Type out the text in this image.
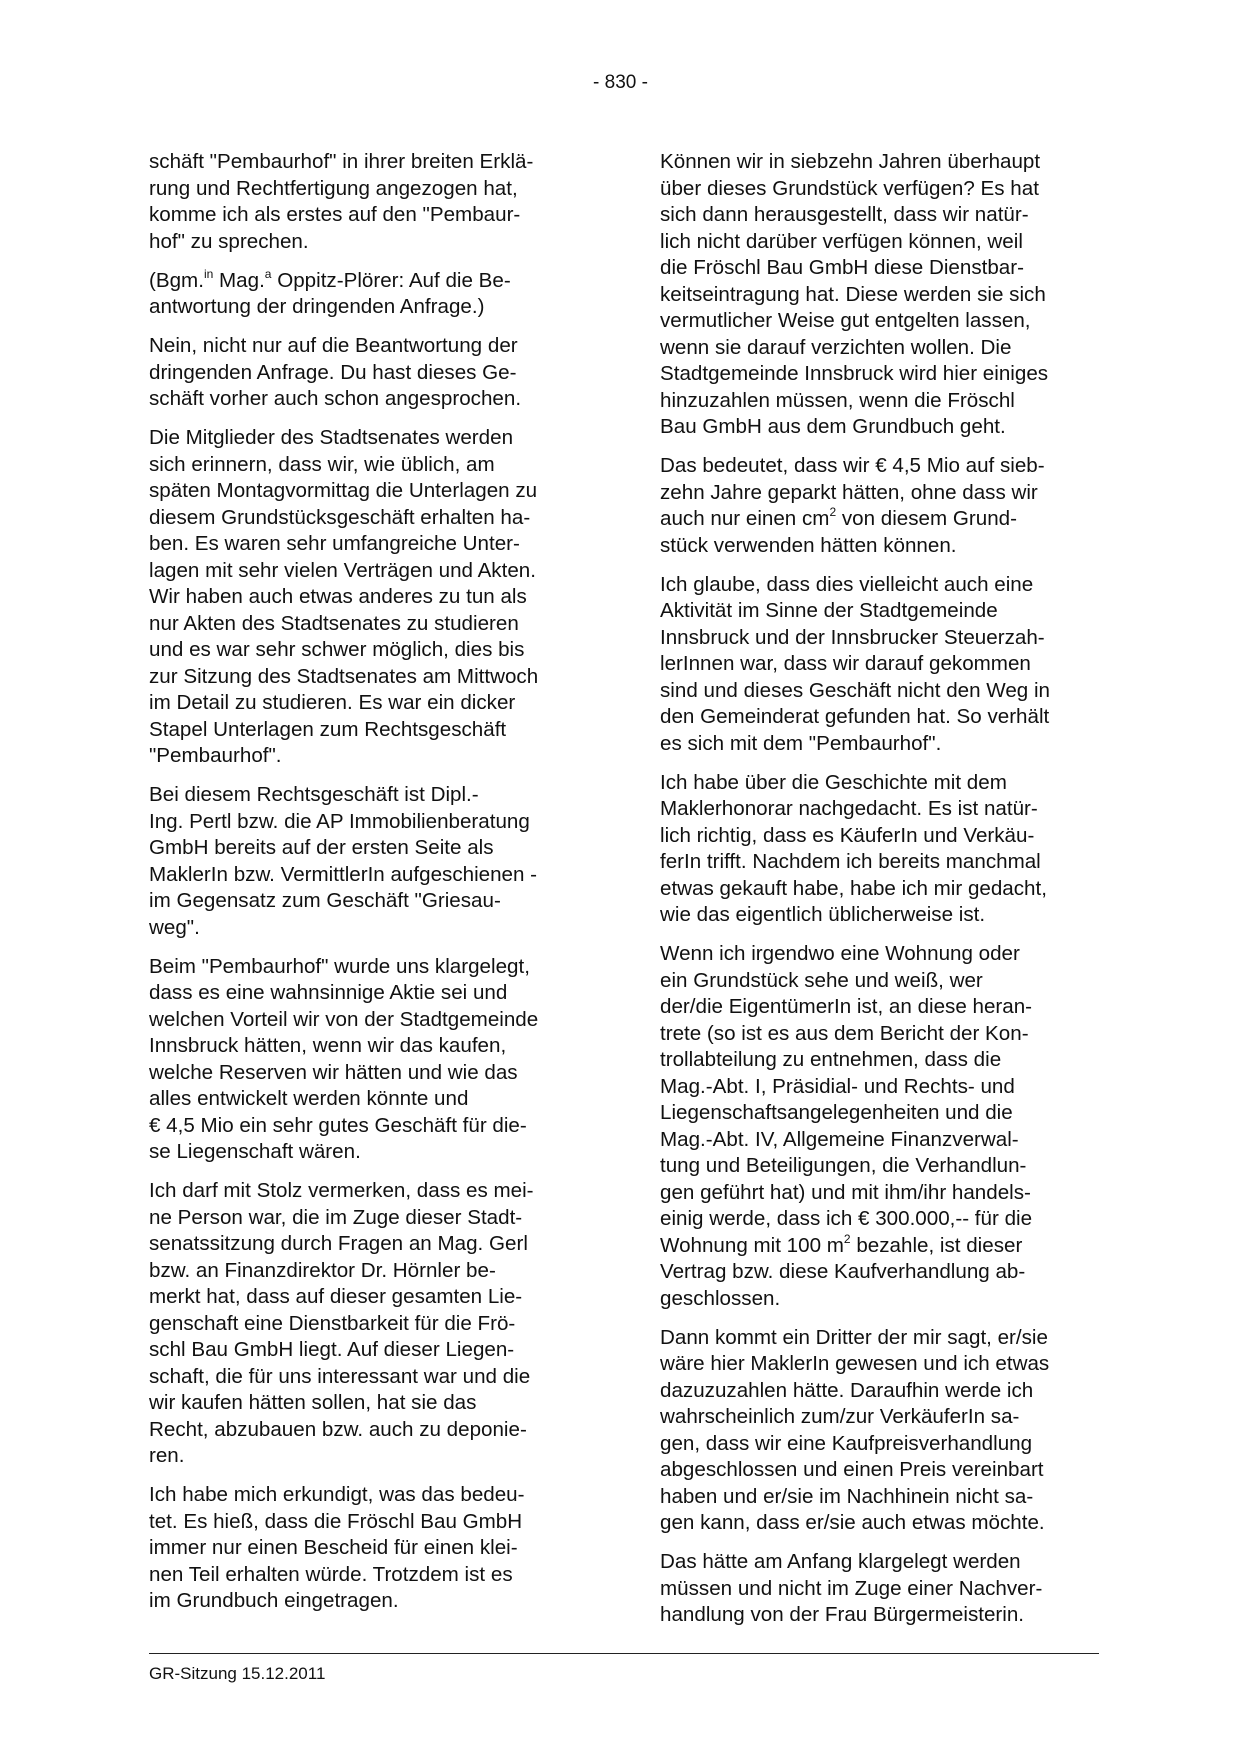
- 830 -

schäft "Pembaurhof" in ihrer breiten Erklä-
rung und Rechtfertigung angezogen hat,
komme ich als erstes auf den "Pembaur-
hof" zu sprechen.

(Bgm.$^{in}$ Mag.$^a$ Oppitz-Plörer: Auf die Be-
antwortung der dringenden Anfrage.)

Nein, nicht nur auf die Beantwortung der
dringenden Anfrage. Du hast dieses Ge-
schäft vorher auch schon angesprochen.

Die Mitglieder des Stadtsenates werden
sich erinnern, dass wir, wie üblich, am
späten Montagvormittag die Unterlagen zu
diesem Grundstücksgeschäft erhalten ha-
ben. Es waren sehr umfangreiche Unter-
lagen mit sehr vielen Verträgen und Akten.
Wir haben auch etwas anderes zu tun als
nur Akten des Stadtsenates zu studieren
und es war sehr schwer möglich, dies bis
zur Sitzung des Stadtsenates am Mittwoch
im Detail zu studieren. Es war ein dicker
Stapel Unterlagen zum Rechtsgeschäft
"Pembaurhof".

Bei diesem Rechtsgeschäft ist Dipl.-
Ing. Pertl bzw. die AP Immobilienberatung
GmbH bereits auf der ersten Seite als
MaklerIn bzw. VermittlerIn aufgeschienen -
im Gegensatz zum Geschäft "Griesau-
weg".

Beim "Pembaurhof" wurde uns klargelegt,
dass es eine wahnsinnige Aktie sei und
welchen Vorteil wir von der Stadtgemeinde
Innsbruck hätten, wenn wir das kaufen,
welche Reserven wir hätten und wie das
alles entwickelt werden könnte und
€ 4,5 Mio ein sehr gutes Geschäft für die-
se Liegenschaft wären.

Ich darf mit Stolz vermerken, dass es mei-
ne Person war, die im Zuge dieser Stadt-
senatssitzung durch Fragen an Mag. Gerl
bzw. an Finanzdirektor Dr. Hörnler be-
merkt hat, dass auf dieser gesamten Lie-
genschaft eine Dienstbarkeit für die Frö-
schl Bau GmbH liegt. Auf dieser Liegen-
schaft, die für uns interessant war und die
wir kaufen hätten sollen, hat sie das
Recht, abzubauen bzw. auch zu deponie-
ren.

Ich habe mich erkundigt, was das bedeu-
tet. Es hieß, dass die Fröschl Bau GmbH
immer nur einen Bescheid für einen klei-
nen Teil erhalten würde. Trotzdem ist es
im Grundbuch eingetragen.

Können wir in siebzehn Jahren überhaupt
über dieses Grundstück verfügen? Es hat
sich dann herausgestellt, dass wir natür-
lich nicht darüber verfügen können, weil
die Fröschl Bau GmbH diese Dienstbar-
keitseintragung hat. Diese werden sie sich
vermutlicher Weise gut entgelten lassen,
wenn sie darauf verzichten wollen. Die
Stadtgemeinde Innsbruck wird hier einiges
hinzuzahlen müssen, wenn die Fröschl
Bau GmbH aus dem Grundbuch geht.

Das bedeutet, dass wir € 4,5 Mio auf sieb-
zehn Jahre geparkt hätten, ohne dass wir
auch nur einen $cm^2$ von diesem Grund-
stück verwenden hätten können.

Ich glaube, dass dies vielleicht auch eine
Aktivität im Sinne der Stadtgemeinde
Innsbruck und der Innsbrucker Steuerzah-
lerInnen war, dass wir darauf gekommen
sind und dieses Geschäft nicht den Weg in
den Gemeinderat gefunden hat. So verhält
es sich mit dem "Pembaurhof".

Ich habe über die Geschichte mit dem
Maklerhonorar nachgedacht. Es ist natür-
lich richtig, dass es KäuferIn und Verkäu-
ferIn trifft. Nachdem ich bereits manchmal
etwas gekauft habe, habe ich mir gedacht,
wie das eigentlich üblicherweise ist.

Wenn ich irgendwo eine Wohnung oder
ein Grundstück sehe und weiß, wer
der/die EigentümerIn ist, an diese heran-
trete (so ist es aus dem Bericht der Kon-
trollabteilung zu entnehmen, dass die
Mag.-Abt. I, Präsidial- und Rechts- und
Liegenschaftsangelegenheiten und die
Mag.-Abt. IV, Allgemeine Finanzverwal-
tung und Beteiligungen, die Verhandlun-
gen geführt hat) und mit ihm/ihr handels-
einig werde, dass ich € 300.000,-- für die
Wohnung mit 100 $m^2$ bezahle, ist dieser
Vertrag bzw. diese Kaufverhandlung ab-
geschlossen.

Dann kommt ein Dritter der mir sagt, er/sie
wäre hier MaklerIn gewesen und ich etwas
dazuzuzahlen hätte. Daraufhin werde ich
wahrscheinlich zum/zur VerkäuferIn sa-
gen, dass wir eine Kaufpreisverhandlung
abgeschlossen und einen Preis vereinbart
haben und er/sie im Nachhinein nicht sa-
gen kann, dass er/sie auch etwas möchte.

Das hätte am Anfang klargelegt werden
müssen und nicht im Zuge einer Nachver-
handlung von der Frau Bürgermeisterin.

GR-Sitzung 15.12.2011
